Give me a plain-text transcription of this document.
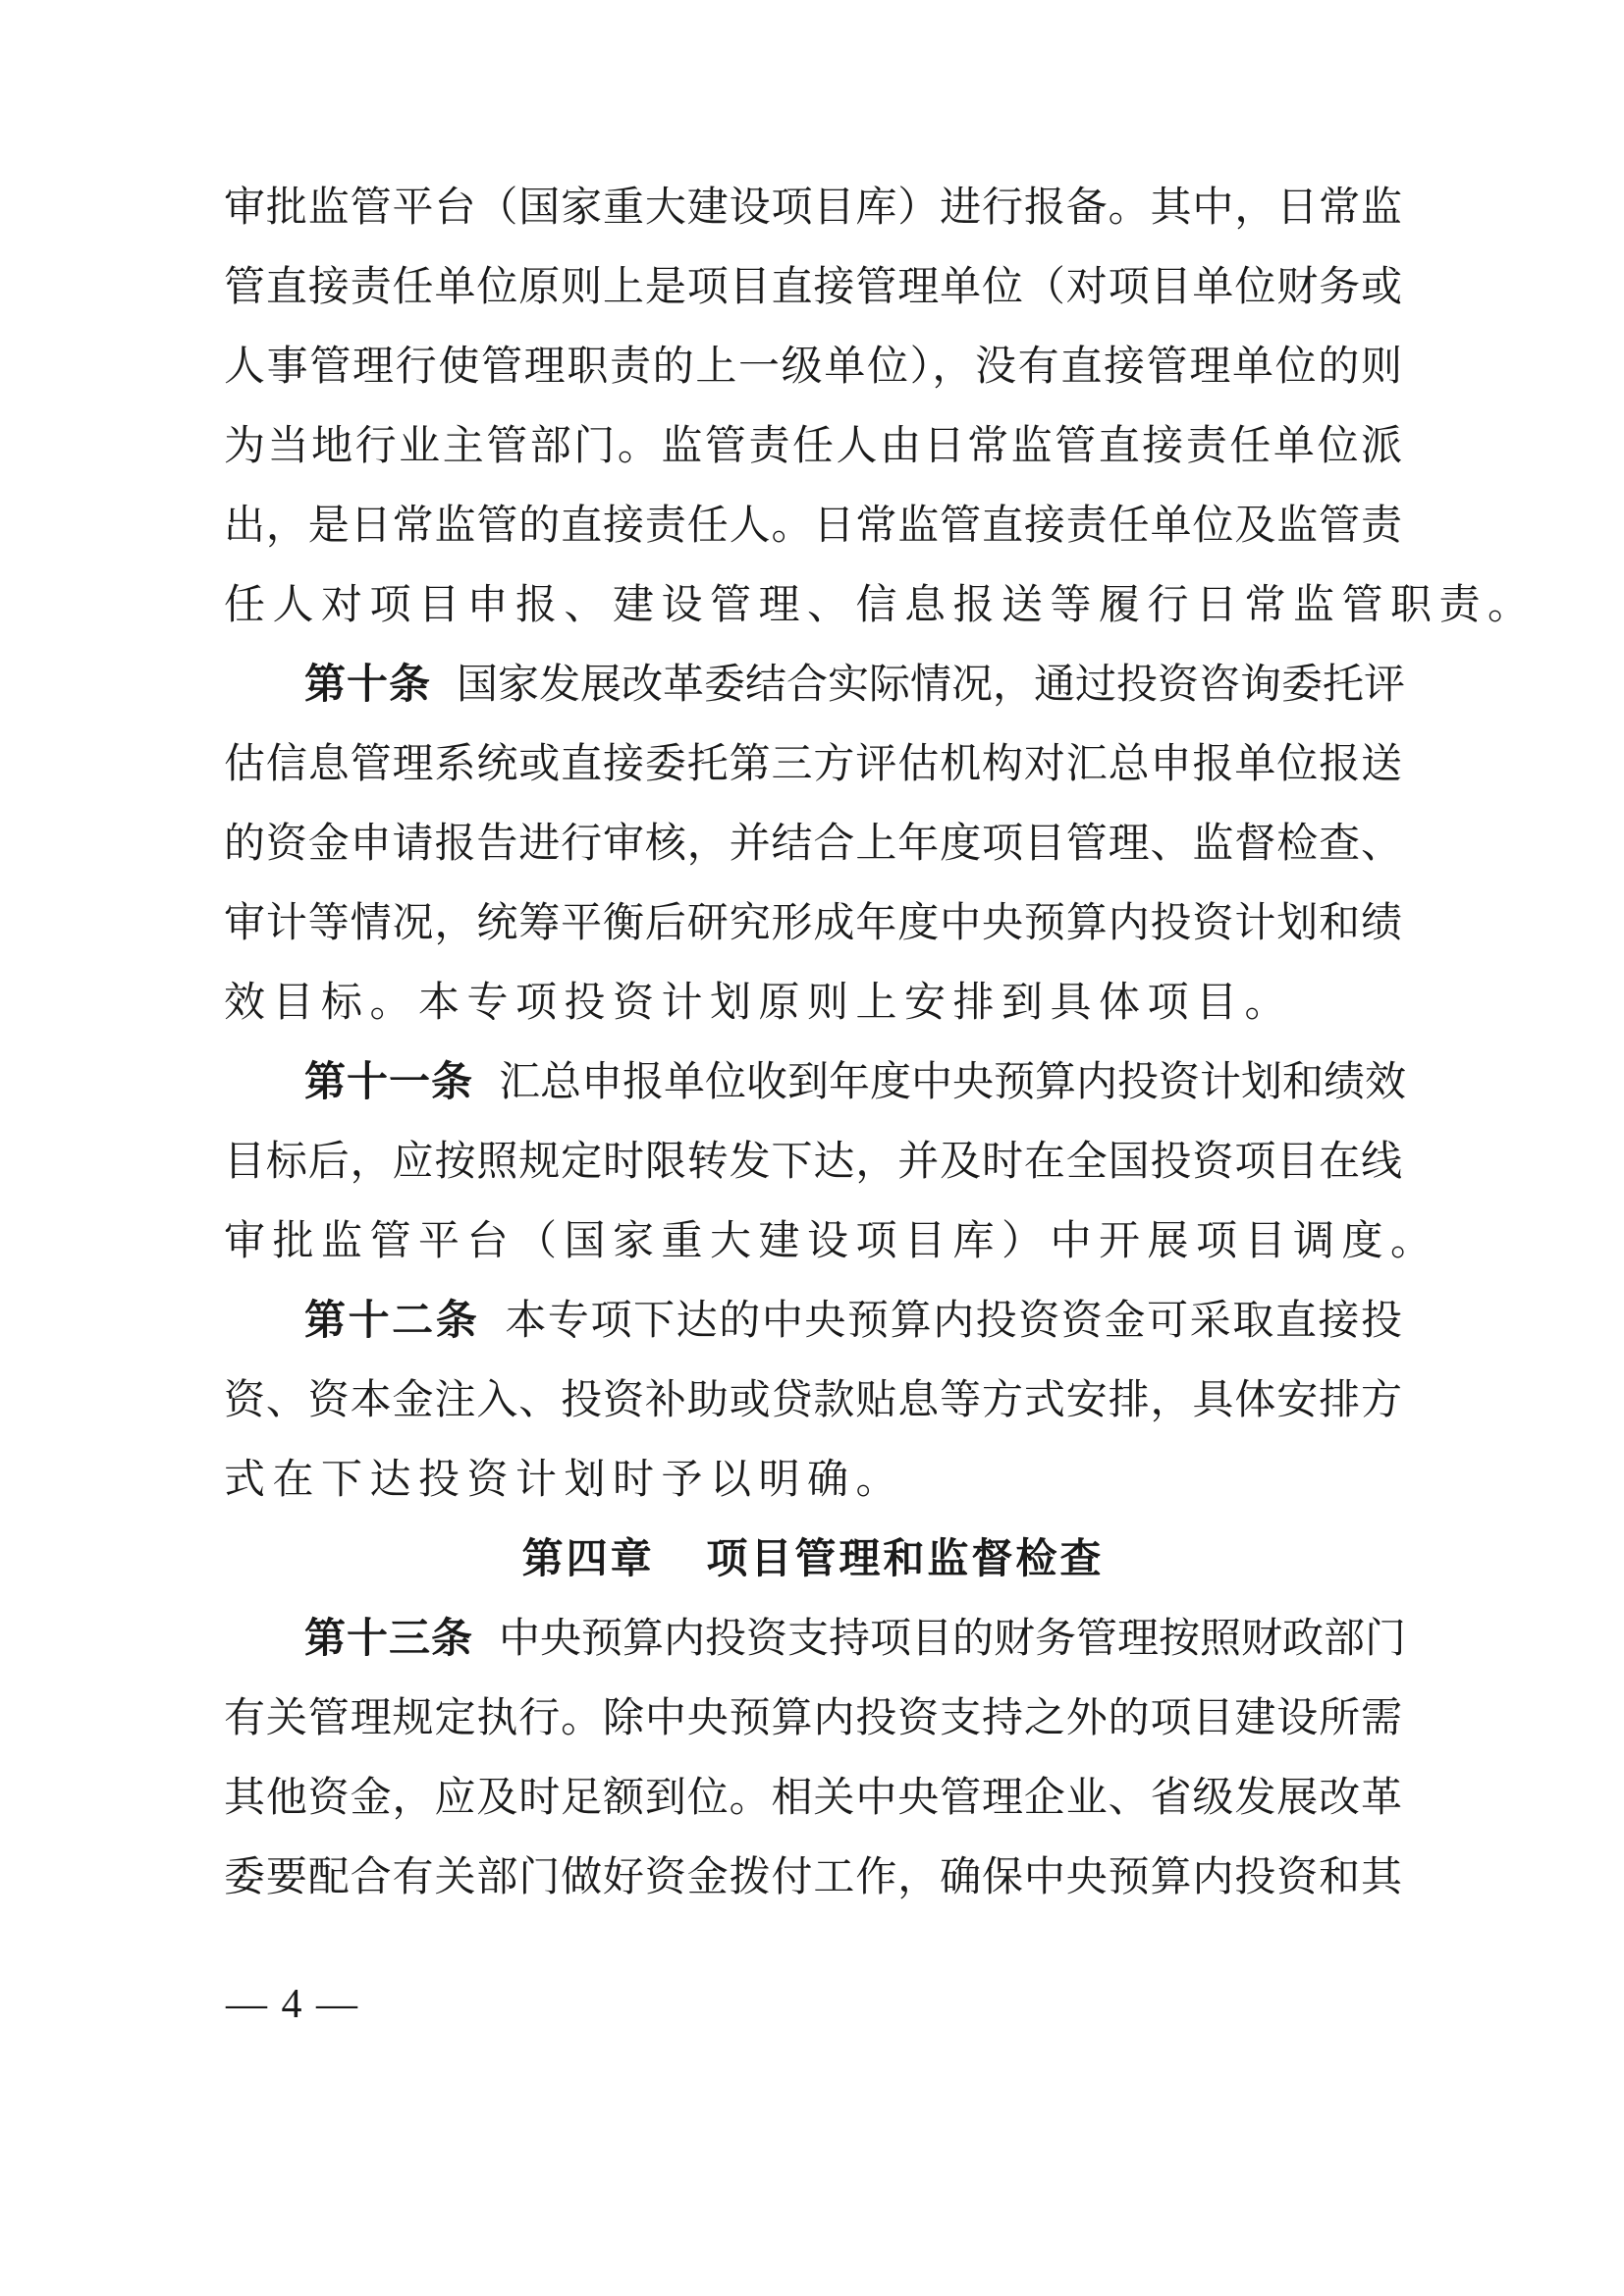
审批监管平台（国家重大建设项目库）进行报备。其中，日常监
管直接责任单位原则上是项目直接管理单位（对项目单位财务或
人事管理行使管理职责的上一级单位），没有直接管理单位的则
为当地行业主管部门。监管责任人由日常监管直接责任单位派
出，是日常监管的直接责任人。日常监管直接责任单位及监管责
任人对项目申报、建设管理、信息报送等履行日常监管职责。
第十条 国家发展改革委结合实际情况，通过投资咨询委托评
估信息管理系统或直接委托第三方评估机构对汇总申报单位报送
的资金申请报告进行审核，并结合上年度项目管理、监督检查、
审计等情况，统筹平衡后研究形成年度中央预算内投资计划和绩
效目标。本专项投资计划原则上安排到具体项目。
第十一条 汇总申报单位收到年度中央预算内投资计划和绩效
目标后，应按照规定时限转发下达，并及时在全国投资项目在线
审批监管平台（国家重大建设项目库）中开展项目调度。
第十二条 本专项下达的中央预算内投资资金可采取直接投
资、资本金注入、投资补助或贷款贴息等方式安排，具体安排方
式在下达投资计划时予以明确。
第四章   项目管理和监督检查
第十三条 中央预算内投资支持项目的财务管理按照财政部门
有关管理规定执行。除中央预算内投资支持之外的项目建设所需
其他资金，应及时足额到位。相关中央管理企业、省级发展改革
委要配合有关部门做好资金拨付工作，确保中央预算内投资和其
— 4 —
